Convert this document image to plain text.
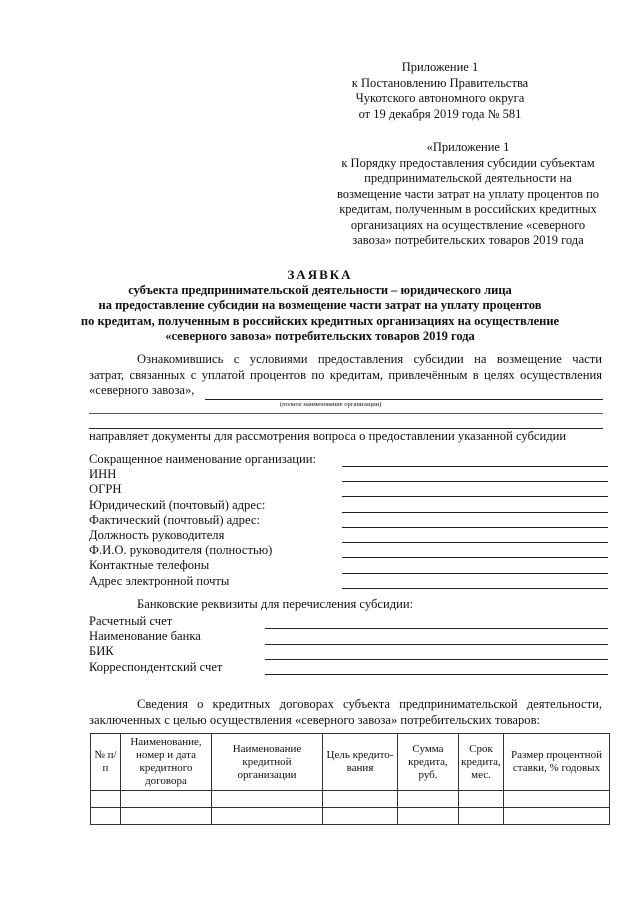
Приложение 1
к Постановлению Правительства
Чукотского автономного округа
от 19 декабря 2019 года № 581
«Приложение 1
к Порядку предоставления субсидии субъектам
предпринимательской деятельности на
возмещение части затрат на уплату процентов по
кредитам, полученным в российских кредитных
организациях на осуществление «северного
завоза» потребительских товаров 2019 года
ЗАЯВКА
субъекта предпринимательской деятельности – юридического лица
на предоставление субсидии на возмещение части затрат на уплату процентов
по кредитам, полученным в российских кредитных организациях на осуществление
«северного завоза» потребительских товаров 2019 года
Ознакомившись с условиями предоставления субсидии на возмещение части
затрат, связанных с уплатой процентов по кредитам, привлечённым в целях осуществления
«северного завоза»,
(полное наименование организации)
направляет документы для рассмотрения вопроса о предоставлении указанной субсидии
Сокращенное наименование организации:
ИНН
ОГРН
Юридический (почтовый) адрес:
Фактический (почтовый) адрес:
Должность руководителя
Ф.И.О. руководителя (полностью)
Контактные телефоны
Адрес электронной почты
Банковские реквизиты для перечисления субсидии:
Расчетный счет
Наименование банка
БИК
Корреспондентский счет
Сведения о кредитных договорах субъекта предпринимательской деятельности,
заключенных с целью осуществления «северного завоза» потребительских товаров:
№ п/п	Наименование, номер и дата кредитного договора	Наименование кредитной организации	Цель кредито-вания	Сумма кредита, руб.	Срок кредита, мес.	Размер процентной ставки, % годовых
